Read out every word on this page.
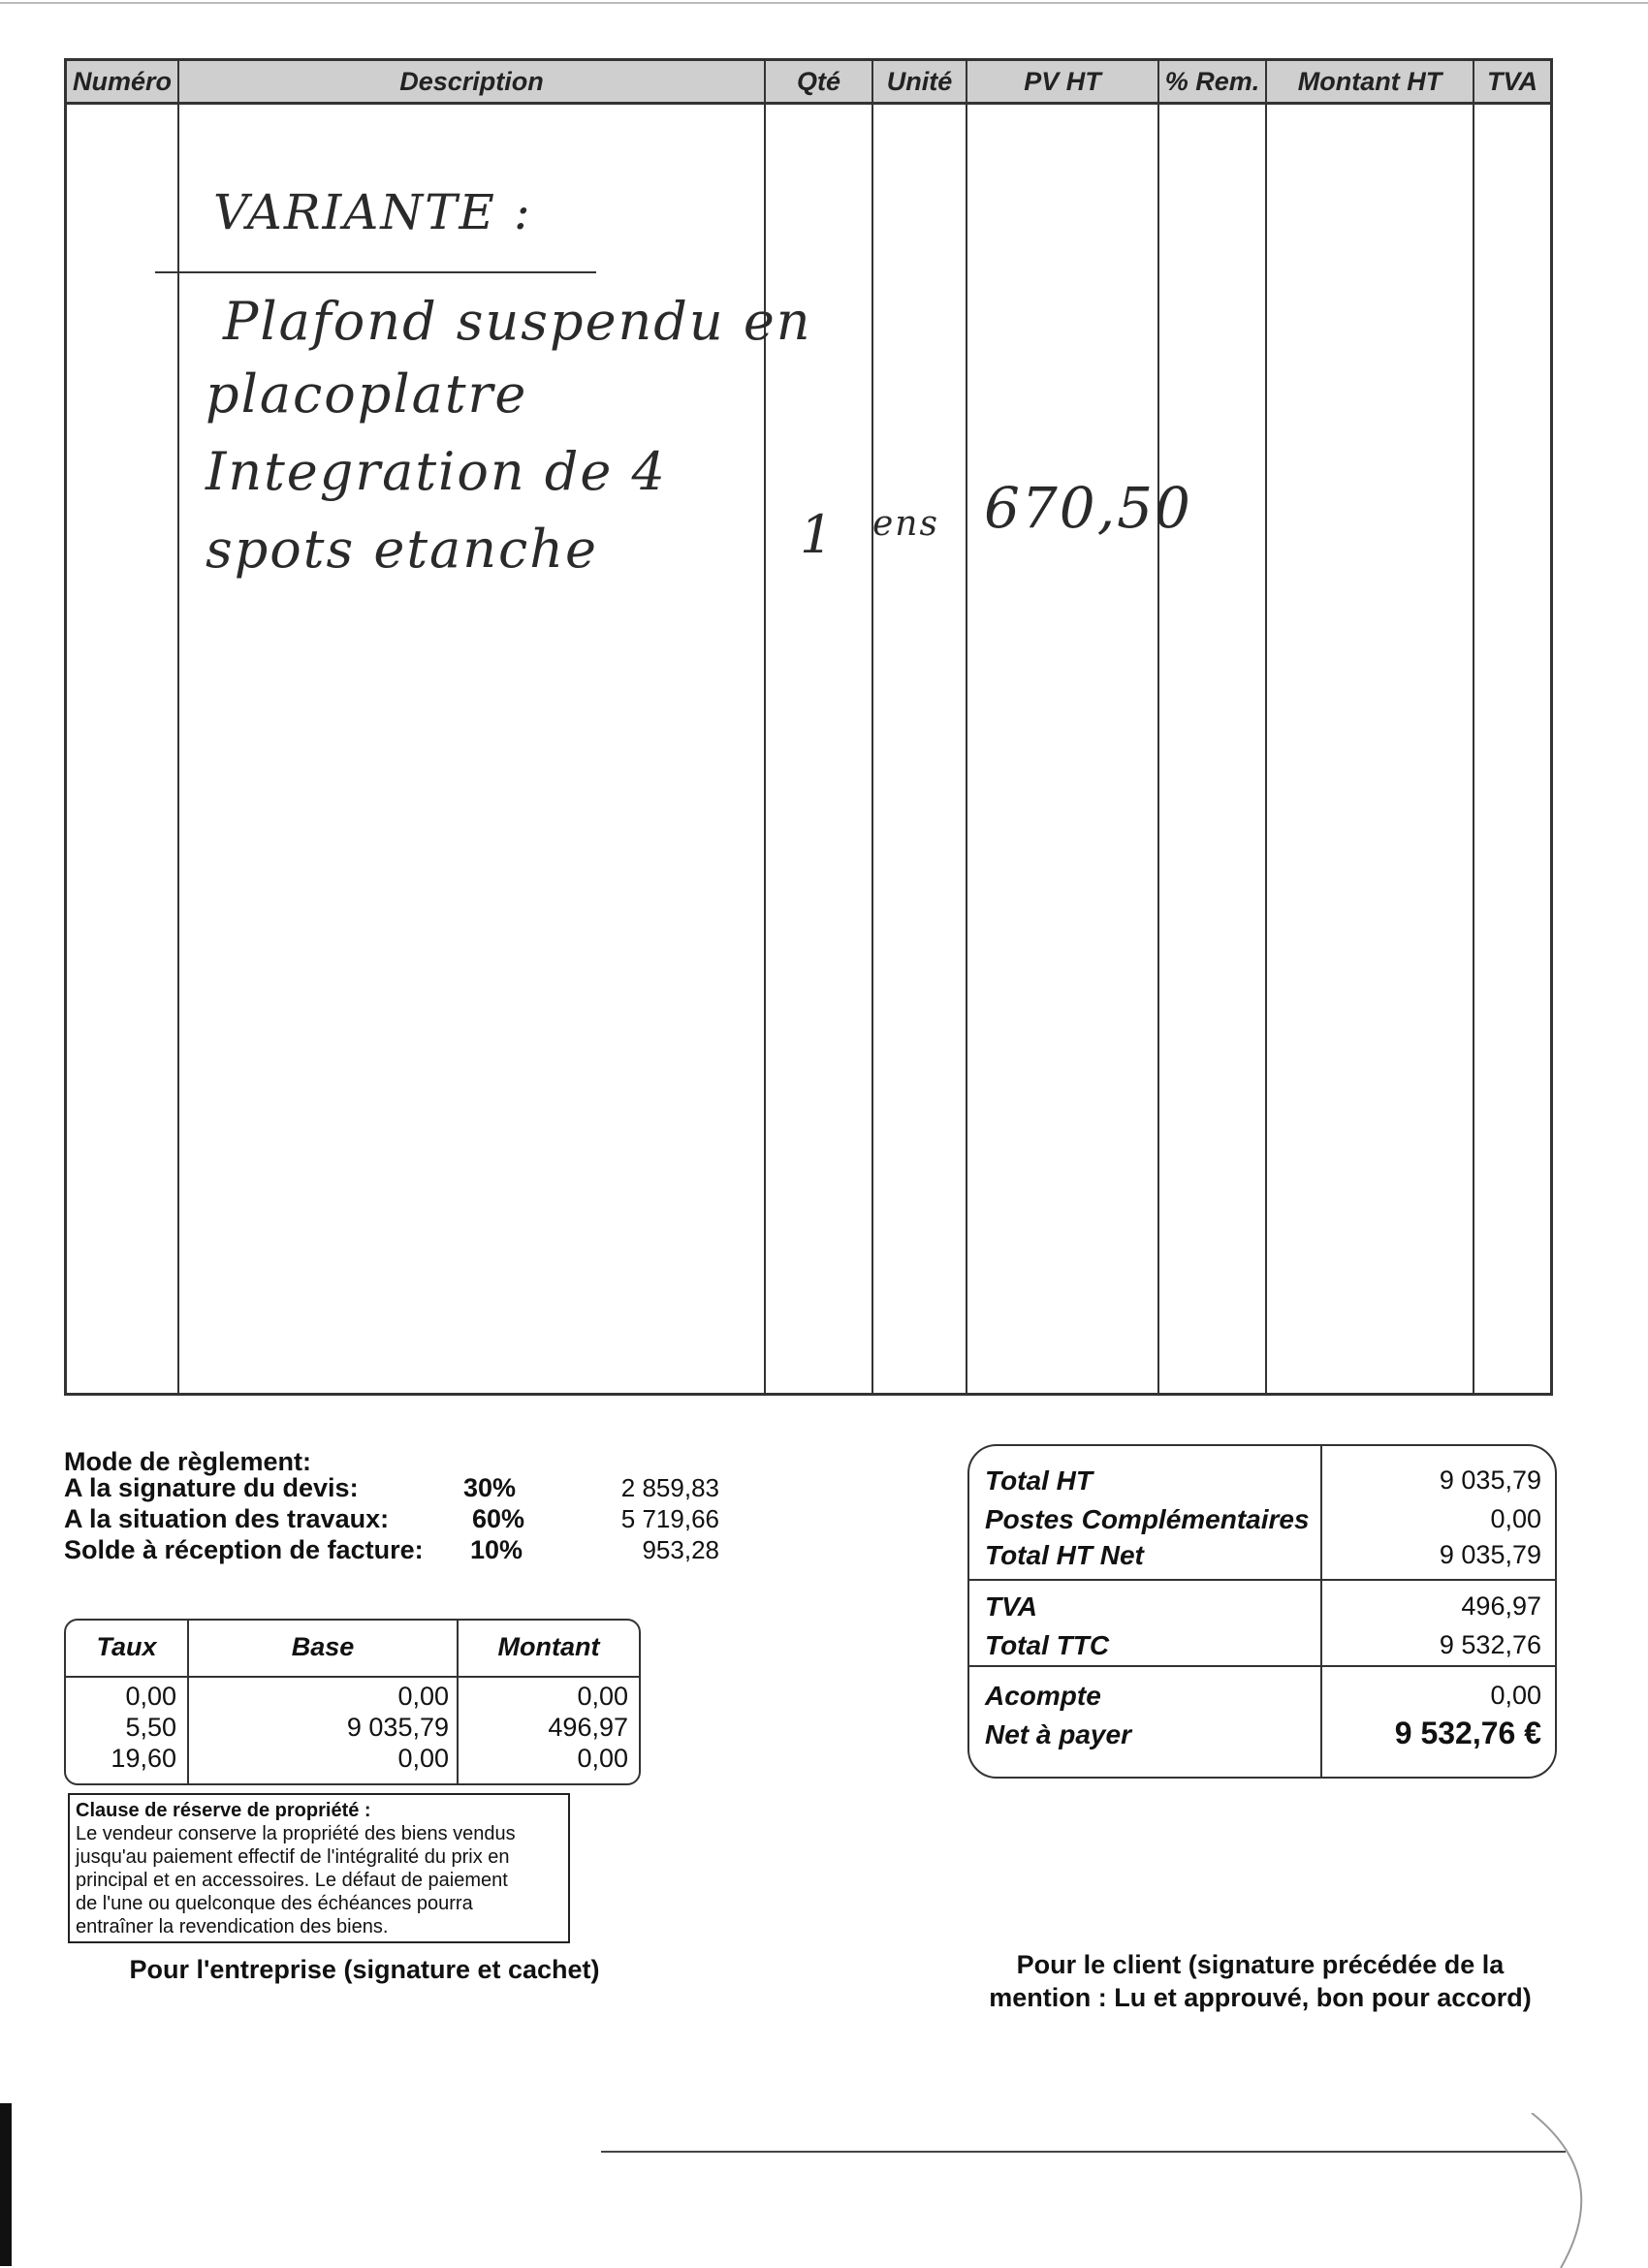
Numéro	Description	Qté	Unité	PV HT	% Rem.	Montant HT	TVA
VARIANTE :
Plafond suspendu en
placoplatre
Integration de 4
spots etanche	1 ens 670,50
Mode de règlement:
A la signature du devis:	30%	2 859,83
A la situation des travaux:	60%	5 719,66
Solde à réception de facture: 10%	953,28
Taux	Base	Montant
0,00	0,00	0,00
5,50	9 035,79	496,97
19,60	0,00	0,00
Clause de réserve de propriété :
Le vendeur conserve la propriété des biens vendus
jusqu'au paiement effectif de l'intégralité du prix en
principal et en accessoires. Le défaut de paiement
de l'une ou quelconque des échéances pourra
entraîner la revendication des biens.
Pour l'entreprise (signature et cachet)	Pour le client (signature précédée de la
mention : Lu et approuvé, bon pour accord)
Total HT	9 035,79
Postes Complémentaires	0,00
Total HT Net	9 035,79
TVA	496,97
Total TTC	9 532,76
Acompte	0,00
Net à payer	9 532,76 €
